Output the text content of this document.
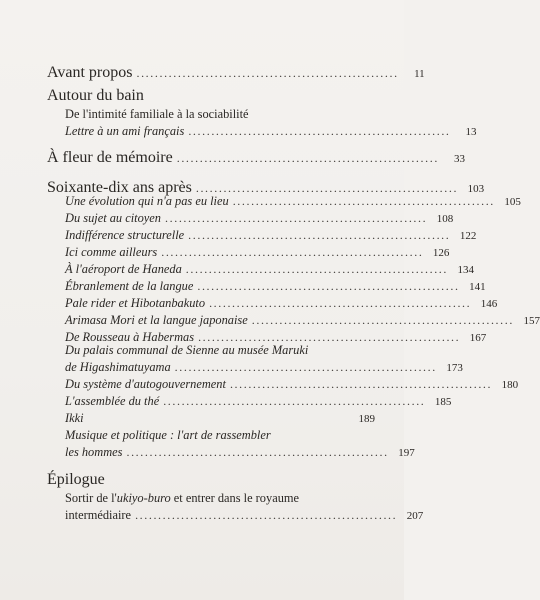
Avant propos .........................................................	11
Autour du bain
De l'intimité familiale à la sociabilité
Lettre à un ami français .........................................................	13
À fleur de mémoire .........................................................	33
Soixante-dix ans après ......................................................... 103
Une évolution qui n'a pas eu lieu ......................................................... 105
Du sujet au citoyen ......................................................... 108
Indifférence structurelle ......................................................... 122
Ici comme ailleurs ......................................................... 126
À l'aéroport de Haneda ......................................................... 134
Ébranlement de la langue ......................................................... 141
Pale rider et Hibotanbakuto ......................................................... 146
Arimasa Mori et la langue japonaise ......................................................... 157
De Rousseau à Habermas ......................................................... 167
Du palais communal de Sienne au musée Maruki
de Higashimatuyama ......................................................... 173
Du système d'autogouvernement ......................................................... 180
L'assemblée du thé ......................................................... 185
Ikki	189
Musique et politique : l'art de rassembler
les hommes ......................................................... 197
Épilogue
Sortir de l'ukiyo-buro et entrer dans le royaume
intermédiaire ......................................................... 207
